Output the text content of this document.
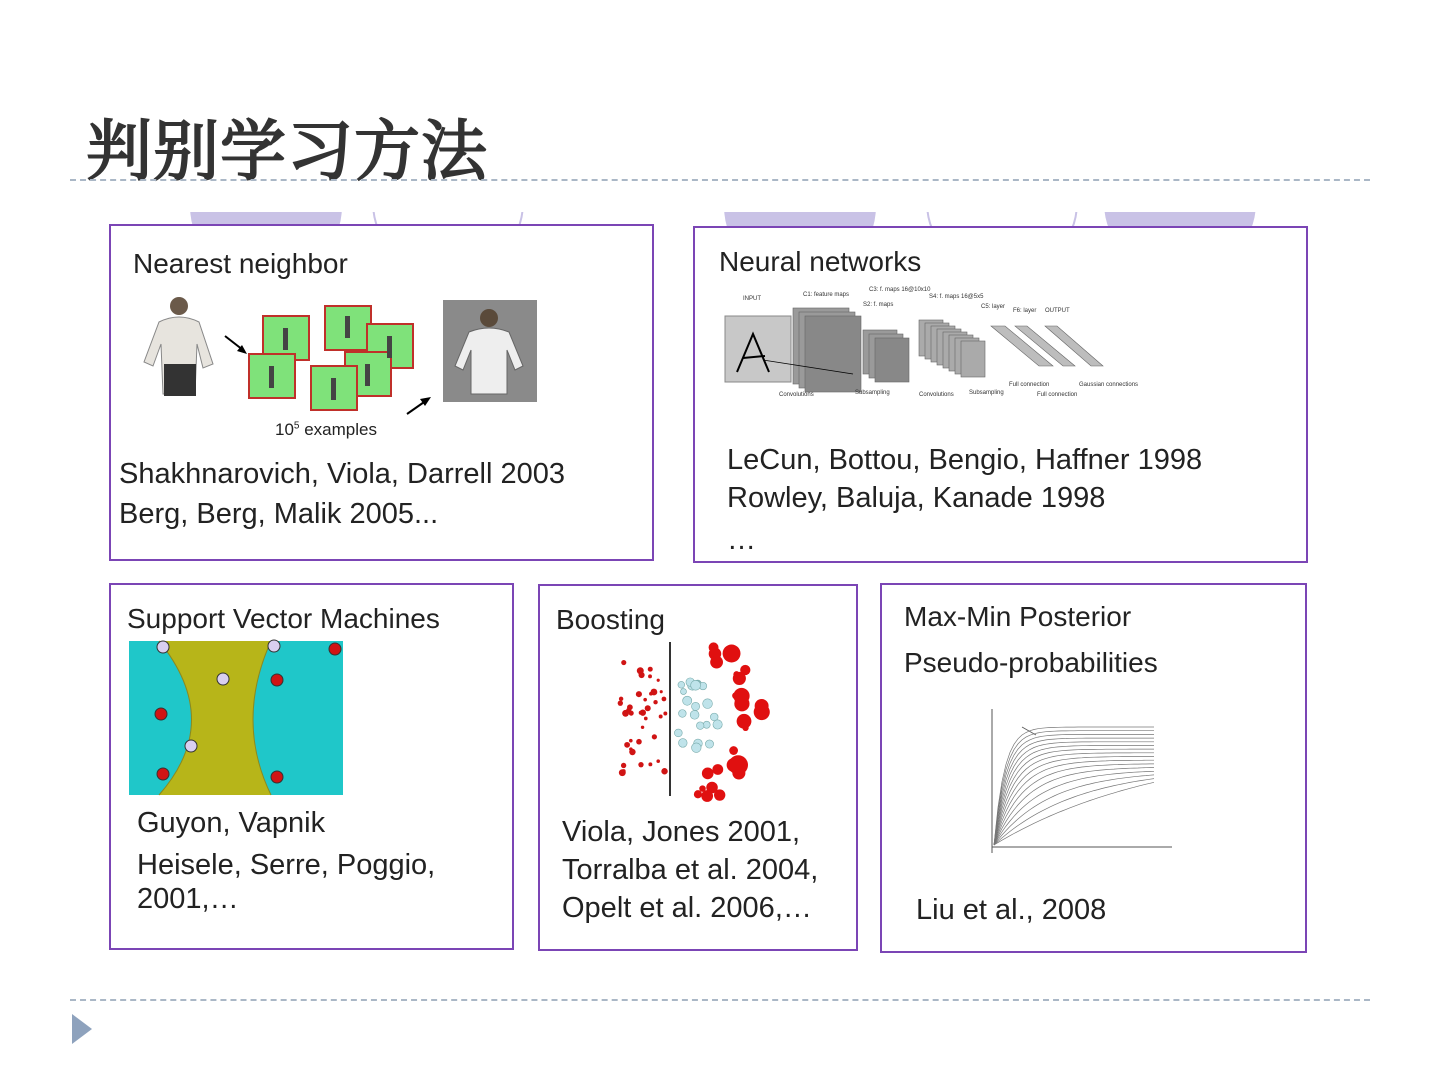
判别学习方法
Nearest neighbor
$10^5$ examples
Shakhnarovich, Viola, Darrell 2003
Berg, Berg, Malik 2005...
Neural networks
INPUT
C1: feature maps
S2: f. maps
C3: f. maps 16@10x10
S4: f. maps 16@5x5
C5: layer
F6: layer OUTPUT
Convolutions	Subsampling	Convolutions	Subsampling
Full connection
Full connection
Gaussian connections
LeCun, Bottou, Bengio, Haffner 1998
Rowley, Baluja, Kanade 1998
…
Support Vector Machines
Guyon, Vapnik
Heisele, Serre, Poggio,
2001,…
Boosting
Viola, Jones 2001,
Torralba et al. 2004,
Opelt et al. 2006,…
Max-Min Posterior
Pseudo-probabilities
Liu et al., 2008
